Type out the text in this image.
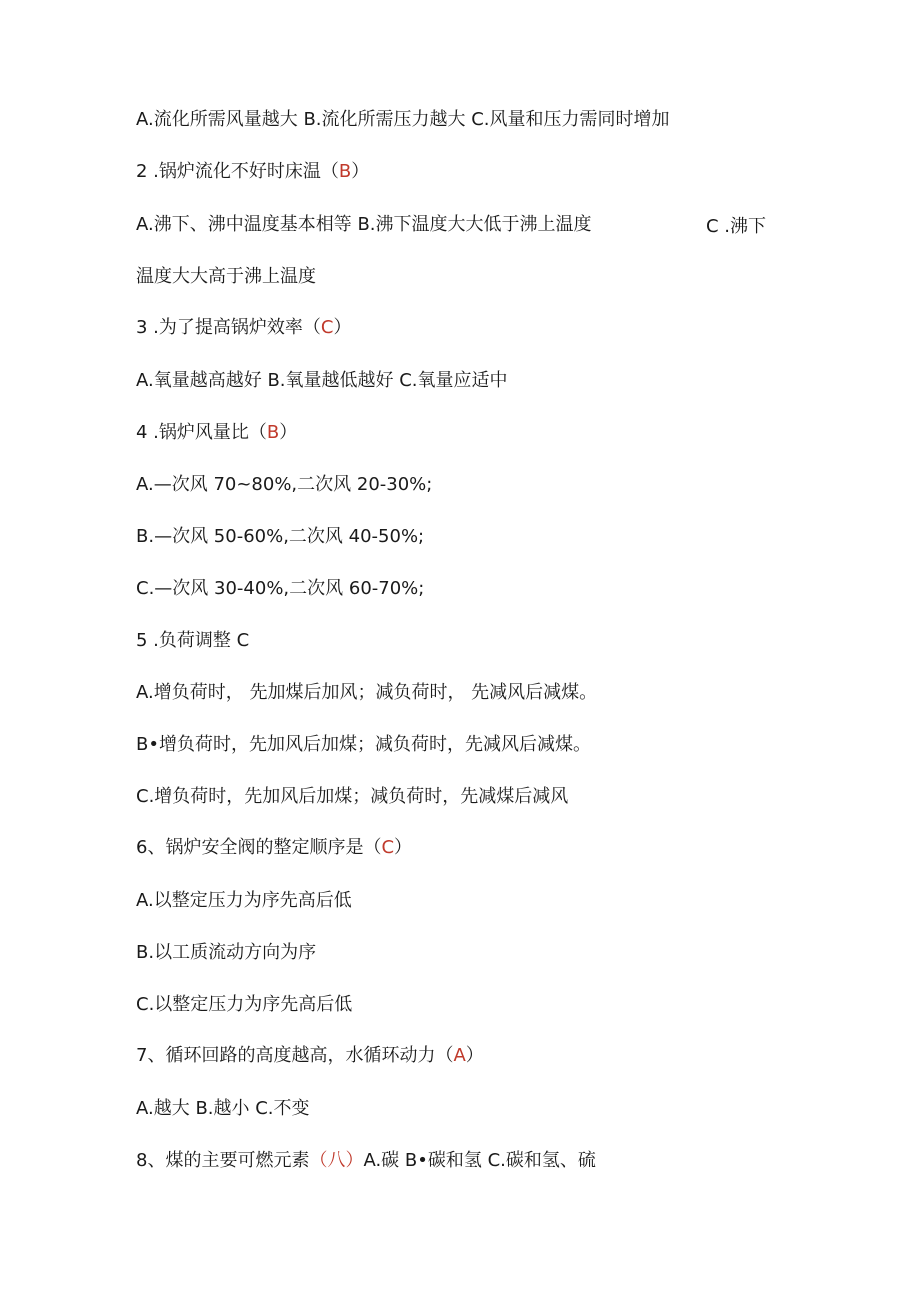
A.流化所需风量越大 B.流化所需压力越大 C.风量和压力需同时增加
2 .锅炉流化不好时床温（B）
A.沸下、沸中温度基本相等 B.沸下温度大大低于沸上温度	C .沸下
温度大大高于沸上温度
3 .为了提高锅炉效率（C）
A.氧量越高越好 B.氧量越低越好 C.氧量应适中
4 .锅炉风量比（B）
A.—次风 70~80%,二次风 20-30%;
B.—次风 50-60%,二次风 40-50%;
C.—次风 30-40%,二次风 60-70%;
5 .负荷调整 C
A.增负荷时， 先加煤后加风；减负荷时， 先减风后减煤。
B•增负荷时，先加风后加煤；减负荷时，先减风后减煤。
C.增负荷时，先加风后加煤；减负荷时，先减煤后减风
6、锅炉安全阀的整定顺序是（C）
A.以整定压力为序先高后低
B.以工质流动方向为序
C.以整定压力为序先高后低
7、循环回路的高度越高，水循环动力（A）
A.越大 B.越小 C.不变
8、煤的主要可燃元素（八）A.碳 B•碳和氢 C.碳和氢、硫
